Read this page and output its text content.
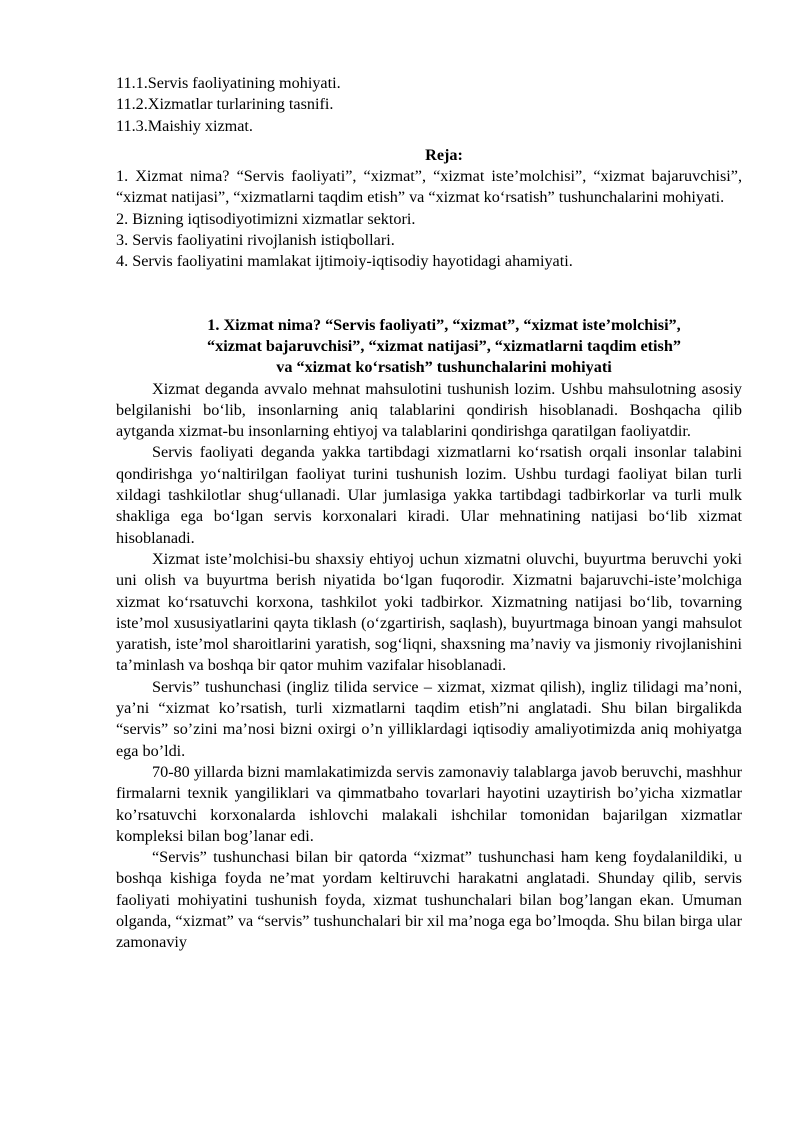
11.1.Servis faoliyatining mohiyati.

11.2.Xizmatlar turlarining tasnifi.

11.3.Maishiy xizmat.

Reja:

1. Xizmat nima? “Servis faoliyati”, “xizmat”, “xizmat iste’molchisi”, “xizmat bajaruvchisi”, “xizmat natijasi”, “xizmatlarni taqdim etish” va “xizmat ko‘rsatish” tushunchalarini mohiyati.

2. Bizning iqtisodiyotimizni xizmatlar sektori.

3. Servis faoliyatini rivojlanish istiqbollari.

4. Servis faoliyatini mamlakat ijtimoiy-iqtisodiy hayotidagi ahamiyati.

1. Xizmat nima? “Servis faoliyati”, “xizmat”, “xizmat iste’molchisi”,

“xizmat bajaruvchisi”, “xizmat natijasi”, “xizmatlarni taqdim etish”

va “xizmat ko‘rsatish” tushunchalarini mohiyati

Xizmat deganda avvalo mehnat mahsulotini tushunish lozim. Ushbu mahsulotning asosiy belgilanishi bo‘lib, insonlarning aniq talablarini qondirish hisoblanadi. Boshqacha qilib aytganda xizmat-bu insonlarning ehtiyoj va talablarini qondirishga qaratilgan faoliyatdir.

Servis faoliyati deganda yakka tartibdagi xizmatlarni ko‘rsatish orqali insonlar talabini qondirishga yo‘naltirilgan faoliyat turini tushunish lozim. Ushbu turdagi faoliyat bilan turli xildagi tashkilotlar shug‘ullanadi. Ular jumlasiga yakka tartibdagi tadbirkorlar va turli mulk shakliga ega bo‘lgan servis korxonalari kiradi. Ular mehnatining natijasi bo‘lib xizmat hisoblanadi.

Xizmat iste’molchisi-bu shaxsiy ehtiyoj uchun xizmatni oluvchi, buyurtma beruvchi yoki uni olish va buyurtma berish niyatida bo‘lgan fuqorodir. Xizmatni bajaruvchi-iste’molchiga xizmat ko‘rsatuvchi korxona, tashkilot yoki tadbirkor. Xizmatning natijasi bo‘lib, tovarning iste’mol xususiyatlarini qayta tiklash (o‘zgartirish, saqlash), buyurtmaga binoan yangi mahsulot yaratish, iste’mol sharoitlarini yaratish, sog‘liqni, shaxsning ma’naviy va jismoniy rivojlanishini ta’minlash va boshqa bir qator muhim vazifalar hisoblanadi.

Servis” tushunchasi (ingliz tilida service – xizmat, xizmat qilish), ingliz tilidagi ma’noni, ya’ni “xizmat ko’rsatish, turli xizmatlarni taqdim etish”ni anglatadi. Shu bilan birgalikda “servis” so’zini ma’nosi bizni oxirgi o’n yilliklardagi iqtisodiy amaliyotimizda aniq mohiyatga ega bo’ldi.

70-80 yillarda bizni mamlakatimizda servis zamonaviy talablarga javob beruvchi, mashhur firmalarni texnik yangiliklari va qimmatbaho tovarlari hayotini uzaytirish bo’yicha xizmatlar ko’rsatuvchi korxonalarda ishlovchi malakali ishchilar tomonidan bajarilgan xizmatlar kompleksi bilan bog’lanar edi.

“Servis” tushunchasi bilan bir qatorda “xizmat” tushunchasi ham keng foydalanildiki, u boshqa kishiga foyda ne’mat yordam keltiruvchi harakatni anglatadi. Shunday qilib, servis faoliyati mohiyatini tushunish foyda, xizmat tushunchalari bilan bog’langan ekan. Umuman olganda, “xizmat” va “servis” tushunchalari bir xil ma’noga ega bo’lmoqda. Shu bilan birga ular zamonaviy
